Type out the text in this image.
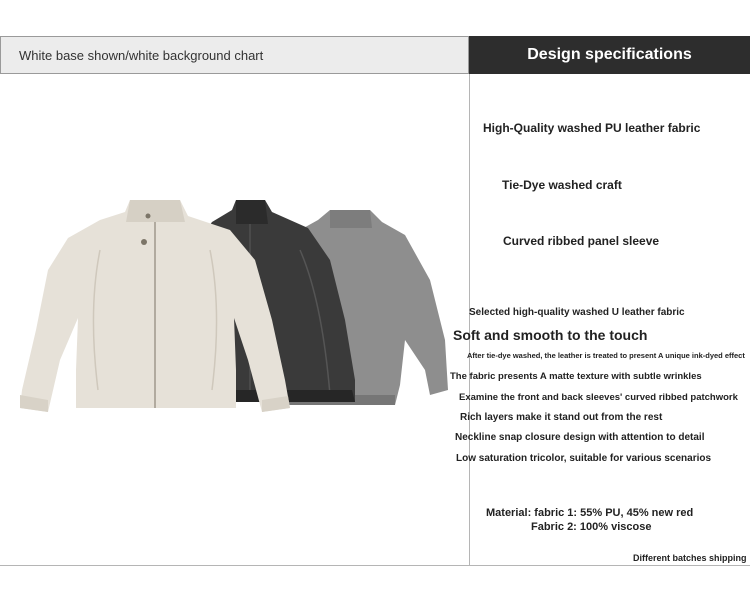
White base shown/white background chart	Design specifications
High-Quality washed PU leather fabric
Tie-Dye washed craft
Curved ribbed panel sleeve
Selected high-quality washed U leather fabric
Soft and smooth to the touch
After tie-dye washed, the leather is treated to present A unique ink-dyed effect
The fabric presents A matte texture with subtle wrinkles
Examine the front and back sleeves' curved ribbed patchwork
Rich layers make it stand out from the rest
Neckline snap closure design with attention to detail
Low saturation tricolor, suitable for various scenarios
Material: fabric 1: 55% PU, 45% new red
Fabric 2: 100% viscose
Different batches shipping
